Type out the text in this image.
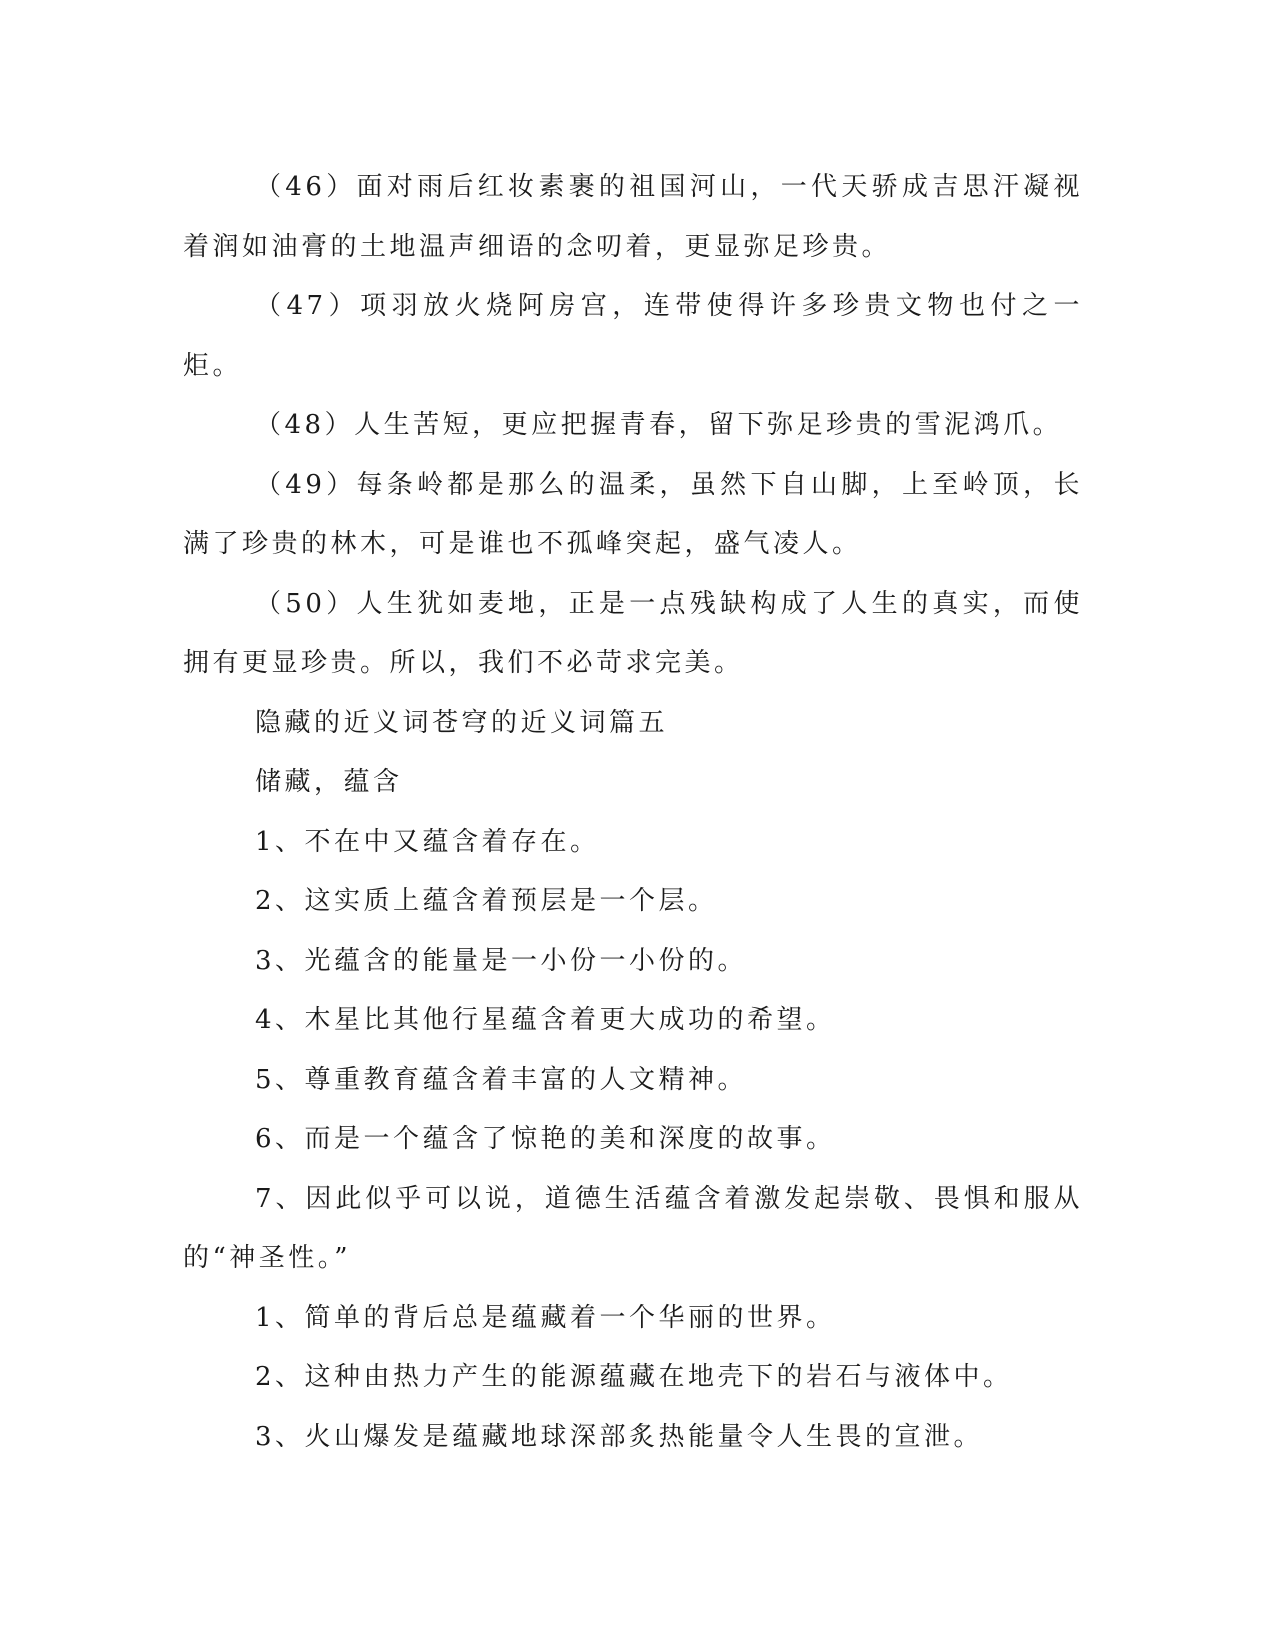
（46）面对雨后红妆素裹的祖国河山，一代天骄成吉思汗凝视着润如油膏的土地温声细语的念叨着，更显弥足珍贵。

（47）项羽放火烧阿房宫，连带使得许多珍贵文物也付之一炬。

（48）人生苦短，更应把握青春，留下弥足珍贵的雪泥鸿爪。

（49）每条岭都是那么的温柔，虽然下自山脚，上至岭顶，长满了珍贵的林木，可是谁也不孤峰突起，盛气凌人。

（50）人生犹如麦地，正是一点残缺构成了人生的真实，而使拥有更显珍贵。所以，我们不必苛求完美。

隐藏的近义词苍穹的近义词篇五

储藏，蕴含

1、不在中又蕴含着存在。

2、这实质上蕴含着预层是一个层。

3、光蕴含的能量是一小份一小份的。

4、木星比其他行星蕴含着更大成功的希望。

5、尊重教育蕴含着丰富的人文精神。

6、而是一个蕴含了惊艳的美和深度的故事。

7、因此似乎可以说，道德生活蕴含着激发起崇敬、畏惧和服从的“神圣性。”

1、简单的背后总是蕴藏着一个华丽的世界。

2、这种由热力产生的能源蕴藏在地壳下的岩石与液体中。

3、火山爆发是蕴藏地球深部炙热能量令人生畏的宣泄。
